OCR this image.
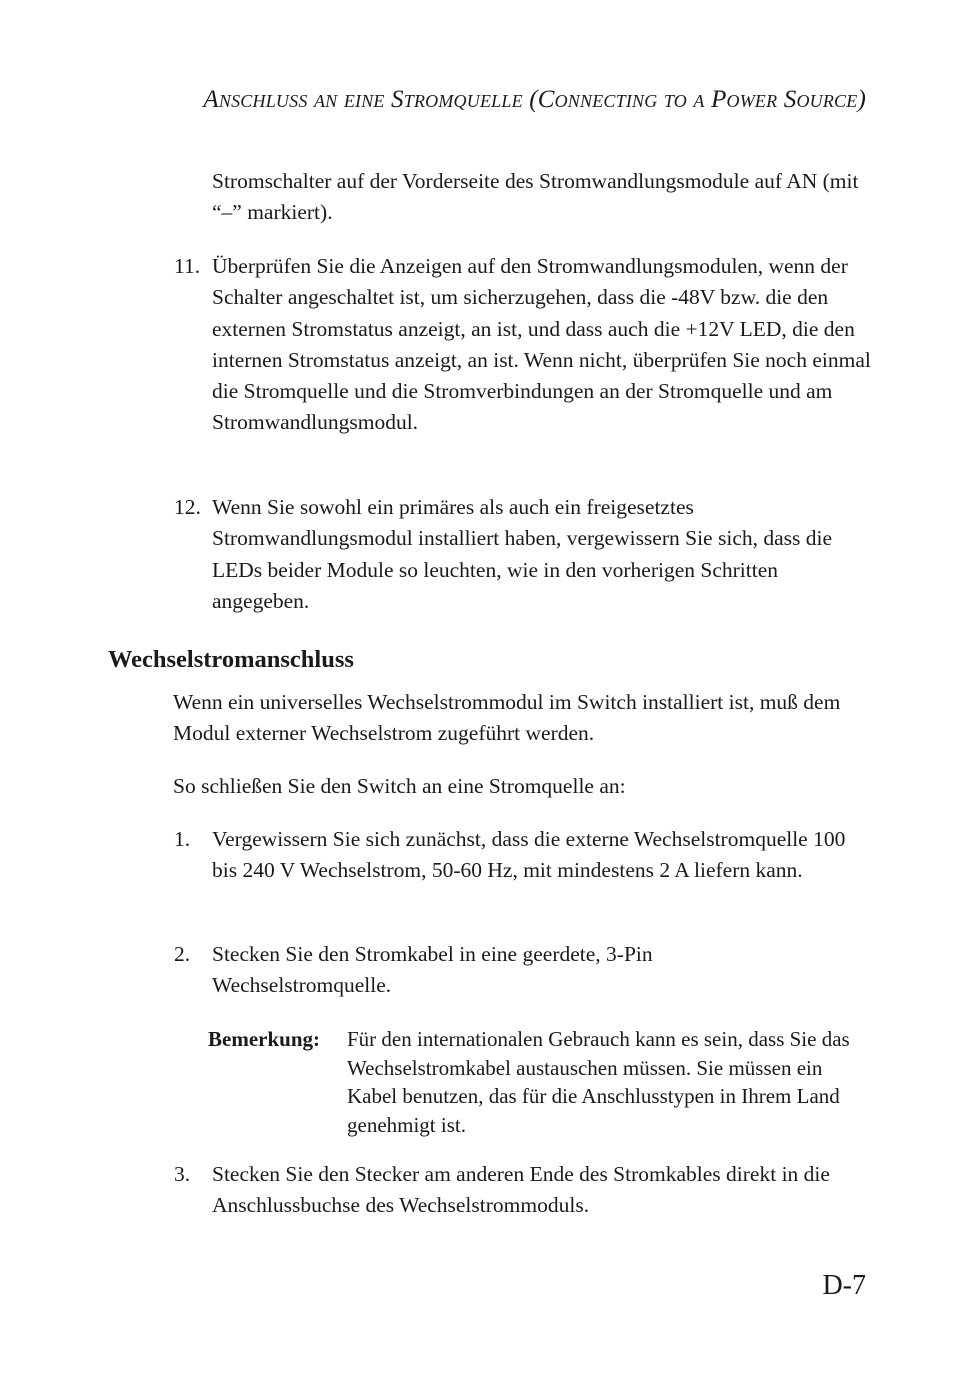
Anschluss an eine Stromquelle (Connecting to a Power Source)

Stromschalter auf der Vorderseite des Stromwandlungsmodule auf AN (mit “–” markiert).

11. Überprüfen Sie die Anzeigen auf den Stromwandlungsmodulen, wenn der Schalter angeschaltet ist, um sicherzugehen, dass die -48V bzw. die den externen Stromstatus anzeigt, an ist, und dass auch die +12V LED, die den internen Stromstatus anzeigt, an ist. Wenn nicht, überprüfen Sie noch einmal die Stromquelle und die Stromverbindungen an der Stromquelle und am Stromwandlungsmodul.
12. Wenn Sie sowohl ein primäres als auch ein freigesetztes Stromwandlungsmodul installiert haben, vergewissern Sie sich, dass die LEDs beider Module so leuchten, wie in den vorherigen Schritten angegeben.
Wechselstromanschluss

Wenn ein universelles Wechselstrommodul im Switch installiert ist, muß dem Modul externer Wechselstrom zugeführt werden.

So schließen Sie den Switch an eine Stromquelle an:

1. Vergewissern Sie sich zunächst, dass die externe Wechselstromquelle 100 bis 240 V Wechselstrom, 50-60 Hz, mit mindestens 2 A liefern kann.
2. Stecken Sie den Stromkabel in eine geerdete, 3-Pin Wechselstromquelle.
Bemerkung: Für den internationalen Gebrauch kann es sein, dass Sie das Wechselstromkabel austauschen müssen. Sie müssen ein Kabel benutzen, das für die Anschlusstypen in Ihrem Land genehmigt ist.
3. Stecken Sie den Stecker am anderen Ende des Stromkables direkt in die Anschlussbuchse des Wechselstrommoduls.
D-7
